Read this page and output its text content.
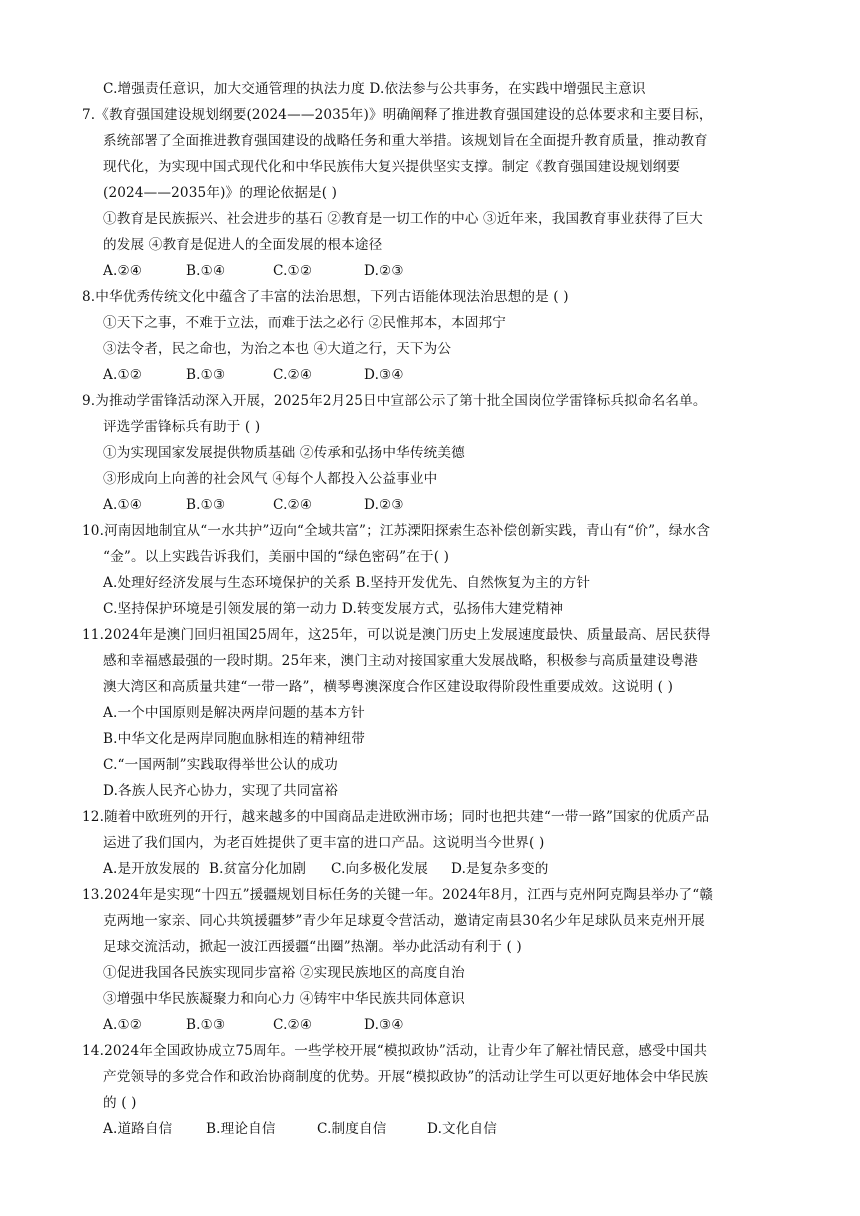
C.增强责任意识，加大交通管理的执法力度 D.依法参与公共事务，在实践中增强民主意识
7.《教育强国建设规划纲要(2024——2035年)》明确阐释了推进教育强国建设的总体要求和主要目标，
系统部署了全面推进教育强国建设的战略任务和重大举措。该规划旨在全面提升教育质量，推动教育
现代化，为实现中国式现代化和中华民族伟大复兴提供坚实支撑。制定《教育强国建设规划纲要
(2024——2035年)》的理论依据是( )
①教育是民族振兴、社会进步的基石 ②教育是一切工作的中心 ③近年来，我国教育事业获得了巨大
的发展 ④教育是促进人的全面发展的根本途径
A.②④	B.①④	C.①②	D.②③
8.中华优秀传统文化中蕴含了丰富的法治思想，下列古语能体现法治思想的是 ( )
①天下之事，不难于立法，而难于法之必行 ②民惟邦本，本固邦宁
③法令者，民之命也，为治之本也 ④大道之行，天下为公
A.①②	B.①③	C.②④	D.③④
9.为推动学雷锋活动深入开展，2025年2月25日中宣部公示了第十批全国岗位学雷锋标兵拟命名名单。
评选学雷锋标兵有助于 ( )
①为实现国家发展提供物质基础 ②传承和弘扬中华传统美德
③形成向上向善的社会风气 ④每个人都投入公益事业中
A.①④	B.①③	C.②④	D.②③
10.河南因地制宜从“一水共护”迈向“全域共富”；江苏溧阳探索生态补偿创新实践，青山有“价”，绿水含
“金”。以上实践告诉我们，美丽中国的“绿色密码”在于( )
A.处理好经济发展与生态环境保护的关系 B.坚持开发优先、自然恢复为主的方针
C.坚持保护环境是引领发展的第一动力 D.转变发展方式，弘扬伟大建党精神
11.2024年是澳门回归祖国25周年，这25年，可以说是澳门历史上发展速度最快、质量最高、居民获得
感和幸福感最强的一段时期。25年来，澳门主动对接国家重大发展战略，积极参与高质量建设粤港
澳大湾区和高质量共建“一带一路”，横琴粤澳深度合作区建设取得阶段性重要成效。这说明 ( )
A.一个中国原则是解决两岸问题的基本方针
B.中华文化是两岸同胞血脉相连的精神纽带
C.“一国两制”实践取得举世公认的成功
D.各族人民齐心协力，实现了共同富裕
12.随着中欧班列的开行，越来越多的中国商品走进欧洲市场；同时也把共建“一带一路”国家的优质产品
运进了我们国内，为老百姓提供了更丰富的进口产品。这说明当今世界( )
A.是开放发展的 B.贫富分化加剧	C.向多极化发展	D.是复杂多变的
13.2024年是实现“十四五”援疆规划目标任务的关键一年。2024年8月，江西与克州阿克陶县举办了“赣
克两地一家亲、同心共筑援疆梦”青少年足球夏令营活动，邀请定南县30名少年足球队员来克州开展
足球交流活动，掀起一波江西援疆“出圈”热潮。举办此活动有利于 ( )
①促进我国各民族实现同步富裕 ②实现民族地区的高度自治
③增强中华民族凝聚力和向心力 ④铸牢中华民族共同体意识
A.①②	B.①③	C.②④	D.③④
14.2024年全国政协成立75周年。一些学校开展“模拟政协”活动，让青少年了解社情民意，感受中国共
产党领导的多党合作和政治协商制度的优势。开展“模拟政协”的活动让学生可以更好地体会中华民族
的 ( )
A.道路自信	B.理论自信	C.制度自信	D.文化自信
